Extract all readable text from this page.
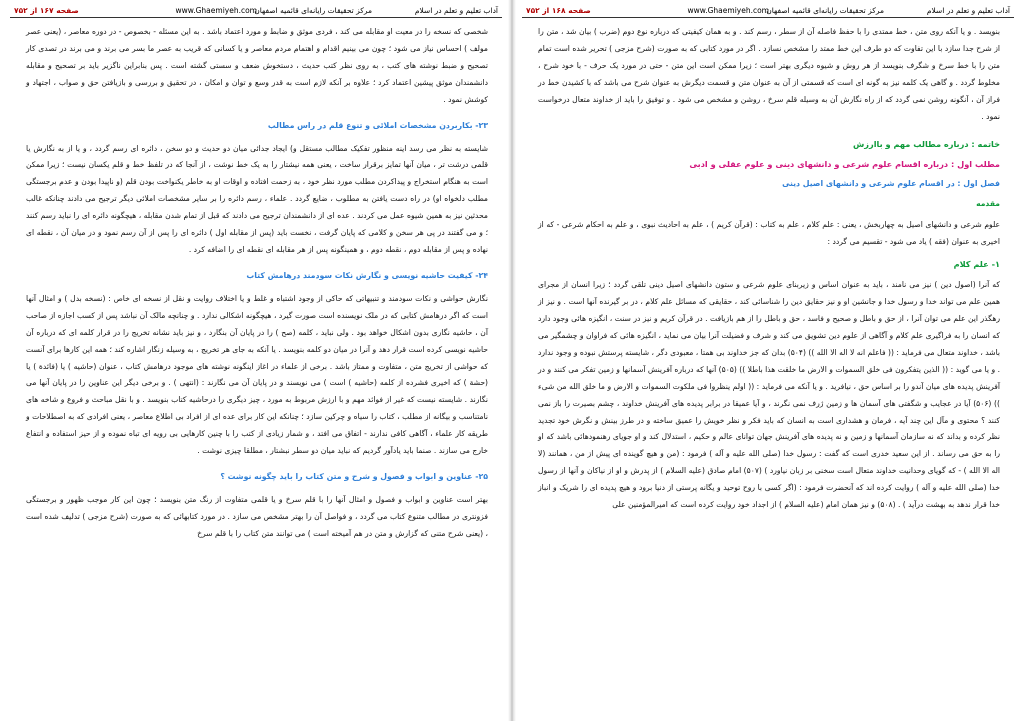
آداب تعلیم و تعلم در اسلام
مرکز تحقیقات رایانه‌ای قائمیه اصفهان
www.Ghaemiyeh.com
صفحه ۱۶۷ از ۷۵۲

شخصی که نسخه را در معیت او مقابله می کند ، فردی موثق و ضابط و مورد اعتماد باشد . به این مسئله - بخصوص - در دوره معاصر ، (یعنی عصر مولف ) احساس نیاز می شود ؛ چون می بینیم اقدام و اهتمام مردم معاصر و یا کسانی که قریب به عصر ما بسر می برند و می برند در تصدی کار تصحیح و ضبط نوشته های کتب ، به روی نظر کتب حدیث ، دستخوش ضعف و سستی گشته است . پس بنابراین ناگزیر باید بر تصحیح و مقابله دانشمندان موثق پیشین اعتماد کرد ؛ علاوه بر آنکه لازم است به قدر وسع و توان و امکان ، در تحقیق و بررسی و بازیافتن حق و صواب ، اجتهاد و کوشش نمود .

۲۳- بکاربردن مشخصات املائی و تنوع قلم در راس مطالب

شایسته به نظر می رسد اینه منظور تفکیک مطالب مستقل و) ایجاد جدائی میان دو حدیث و دو سخن ، دائره ای رسم گردد ، و یا از به نگارش یا قلمی درشت تر ، میان آنها تمایز برقرار ساخت ، یعنی همه نیشتار را به یک خط نوشت ، از آنجا که در تلفظ خط و قلم یکسان نیست ؛ زیرا ممکن است به هنگام استخراج و پیداکردن مطلب مورد نظر خود ، به زحمت افتاده و اوقات او به خاطر یکنواخت بودن قلم (و ناپیدا بودن و عدم برجستگی مطلب دلخواه او) در راه دست یافتن به مطلوب ، ضایع گردد . علماء ، رسم دائره را بر سایر مشخصات املائی دیگر ترجیح می دادند چنانکه غالب محدثین نیز به همین شیوه عمل می کردند . عده ای از دانشمندان ترجیح می دادند که قبل از تمام شدن مقابله ، هیچگونه دائره ای را نباید رسم کنند ؛ و می گفتند در پی هر سخن و کلامی که پایان گرفت ، نخست باید (پس از مقابله اول ) دائره ای را پس از آن رسم نمود و در میان آن ، نقطه ای نهاده و پس از مقابله دوم ، نقطه دوم ، و همینگونه پس از هر مقابله ای نقطه ای را اضافه کرد .

۲۴- کیفیت حاشیه نویسی و نگارش نکات سودمند درهامش کتاب

نگارش حواشی و نکات سودمند و تنبیهاتی که حاکی از وجود اشتباه و غلط و یا اختلاف روایت و نقل از نسخه ای خاص : (نسخه بدل ) و امثال آنها است که اگر درهامش کتابی که در ملک نویسنده است صورت گیرد ، هیچگونه اشکالی ندارد . و چنانچه مالک آن نباشد پس از کسب اجازه از صاحب آن ، حاشیه نگاری بدون اشکال خواهد بود . ولی نباید ، کلمه (صح ) را در پایان آن بنگارد ، و نیز باید نشانه تخریج را در قرار کلمه ای که درباره آن حاشیه نویسی کرده است قرار دهد و آنرا در میان دو کلمه بنویسد . یا آنکه به جای هر تخریج ، به وسیله زنگار اشاره کند ؛ همه این کارها برای آنست که حواشی از تخریج متن ، متفاوت و ممتاز باشد . برخی از علماء در اغاز اینگونه نوشته های موجود درهامش کتاب ، عنوان (حاشیه ) یا (فائدة ) یا (حشة ) که اخیری فشرده از کلمه (حاشیه ) است ) می نویسند و در پایان آن می نگارند : (انتهی ) . و برخی دیگر این عناوین را در پایان آنها می نگارند . شایسته نیست که غیر از فوائد مهم و با ارزش مربوط به مورد ، چیز دیگری را درحاشیه کتاب بنویسد . و با نقل مباحث و فروع و شاخه های نامتناسب و بیگانه از مطلب ، کتاب را سیاه و چرکین سازد ؛ چنانکه این کار برای عده ای از افراد بی اطلاع معاصر ، یعنی افرادی که به اصطلاحات و طریقه کار علماء ، آگاهی کافی ندارند - اتفاق می افتد ، و شمار زیادی از کتب را با چنین کارهایی بی رویه ای تباه نموده و از حیز استفاده و انتفاع خارج می سازند . صنما باید یادآور گردیم که نباید میان دو سطر نبشتار ، مطلقا چیزی نوشت .

۲۵- عناوین و ابواب و فصول و شرح و متن کتاب را باید چگونه نوشت ؟

بهتر است عناوین و ابواب و فصول و امثال آنها را با قلم سرخ و یا قلمی متفاوت از رنگ متن بنویسد ؛ چون این کار موجب ظهور و برجستگی فزونتری در مطالب متنوع کتاب می گردد ، و فواصل آن را بهتر مشخص می سازد . در مورد کتابهائی که به صورت (شرح مزجی ) تدلیف شده است ، (یعنی شرح متنی که گزارش و متن در هم آمیخته است ) می توانند متن کتاب را با قلم سرخ

آداب تعلیم و تعلم در اسلام
مرکز تحقیقات رایانه‌ای قائمیه اصفهان
www.Ghaemiyeh.com
صفحه ۱۶۸ از ۷۵۲

بنویسد . و یا آنکه روی متن ، خط ممتدی را با حفظ فاصله آن از سطر ، رسم کند . و به همان کیفیتی که درباره نوع دوم (ضرب ) بیان شد ، متن را از شرح جدا سازد با این تفاوت که دو طرف این خط ممتد را مشخص نسازد . اگر در مورد کتابی که به صورت (شرح مزجی ) تحریر شده است تمام متن را با خط سرخ و شگرف بنویسد از هر روش و شیوه دیگری بهتر است ؛ زیرا ممکن است این متن - حتی در مورد یک حرف - با خود شرح ، مخلوط گردد . و گاهی یک کلمه نیز به گونه ای است که قسمتی از آن به عنوان متن و قسمت دیگرش به عنوان شرح می باشد که با کشیدن خط در فراز آن ، آنگونه روشن نمی گردد که از راه نگارش آن به وسیله قلم سرخ ، روشن و مشخص می شود . و توفیق را باید از خداوند متعال درخواست نمود .

خاتمه : درباره مطالب مهم و باارزش
مطلب اول : درباره اقسام علوم شرعی و دانشهای دینی و علوم عقلی و ادبی
فصل اول : در اقسام علوم شرعی و دانشهای اصیل دینی
مقدمه

علوم شرعی و دانشهای اصیل به چهاربخش ، یعنی : علم کلام ، علم به کتاب : (قرآن کریم ) ، علم به احادیث نبوی ، و علم به احکام شرعی - که از اخیری به عنوان (فقه ) یاد می شود - تقسیم می گردد :

۱- علم کلام

که آنرا (اصول دین ) نیز می نامند ، باید به عنوان اساس و زیربنای علوم شرعی و ستون دانشهای اصیل دینی تلقی گردد ؛ زیرا انسان از مجرای همین علم می تواند خدا و رسول خدا و جانشین او و نیز حقایق دین را شناسائی کند ، حقایقی که مسائل علم کلام ، در بر گیرنده آنها است . و نیز از رهگذر این علم می توان آنرا ، از حق و باطل و صحیح و فاسد ، حق و باطل را از هم بازیافت . در قرآن کریم و نیز در سنت ، انگیزه هائی وجود دارد که انسان را به فراگیری علم کلام و آگاهی از علوم دین تشویق می کند و شرف و فضیلت آنرا بیان می نماید ، انگیزه هائی که فراوان و چشمگیر می باشد ، خداوند متعال می فرماید : (( فاعلم انه لا اله الا الله )) (۵۰۴) بدان که جز خداوند بی همتا ، معبودی دگر ، شایسته پرستش نبوده و وجود ندارد . و یا می گوید : (( الذین یتفکرون فی خلق السموات و الارض ما خلقت هذا باطلا )) (۵۰۵) آنها که درباره آفرینش آسمانها و زمین تفکر می کنند و در آفرینش پدیده های میان آندو را بر اساس حق ، نیافرید . و یا آنکه می فرماید : (( اولم ینظروا فی ملکوت السموات و الارض و ما خلق الله من شیء )) (۵۰۶) آیا در عجایب و شگفتی های آسمان ها و زمین ژرف نمی نگرند ، و آیا عمیقا در برابر پدیده های آفرینش خداوند ، چشم بصیرت را باز نمی کنند ؟ محتوی و مآل این چند آیه ، فرمان و هشداری است به انسان که باید فکر و نظر خویش را عمیق ساخته و در طرز بینش و نگرش خود تجدید نظر کرده و بداند که نه سازمان آسمانها و زمین و نه پدیده های آفرینش جهان توانای عالم و حکیم ، استدلال کند و او جویای رهنمودهائی باشد که او را به حق می رساند . از این سعید خدری است که گفت : رسول خدا (صلی الله علیه و آله ) فرمود : (من و هیچ گوینده ای پیش از من ، همانند (لا اله الا الله ) - که گویای وحدانیت خداوند متعال است سخنی بر زبان نیاورد ) (۵۰۷) امام صادق (علیه السلام ) از پدرش و او از نیاکان و آنها از رسول خدا (صلی الله علیه و آله ) روایت کرده اند که آنحضرت فرمود : (اگر کسی با روح توحید و یگانه پرستی از دنیا برود و هیچ پدیده ای را شریک و انباز خدا قرار ندهد به بهشت درآید ) . (۵۰۸) و نیز همان امام (علیه السلام ) از اجداد خود روایت کرده است که امیرالمؤمنین علی
